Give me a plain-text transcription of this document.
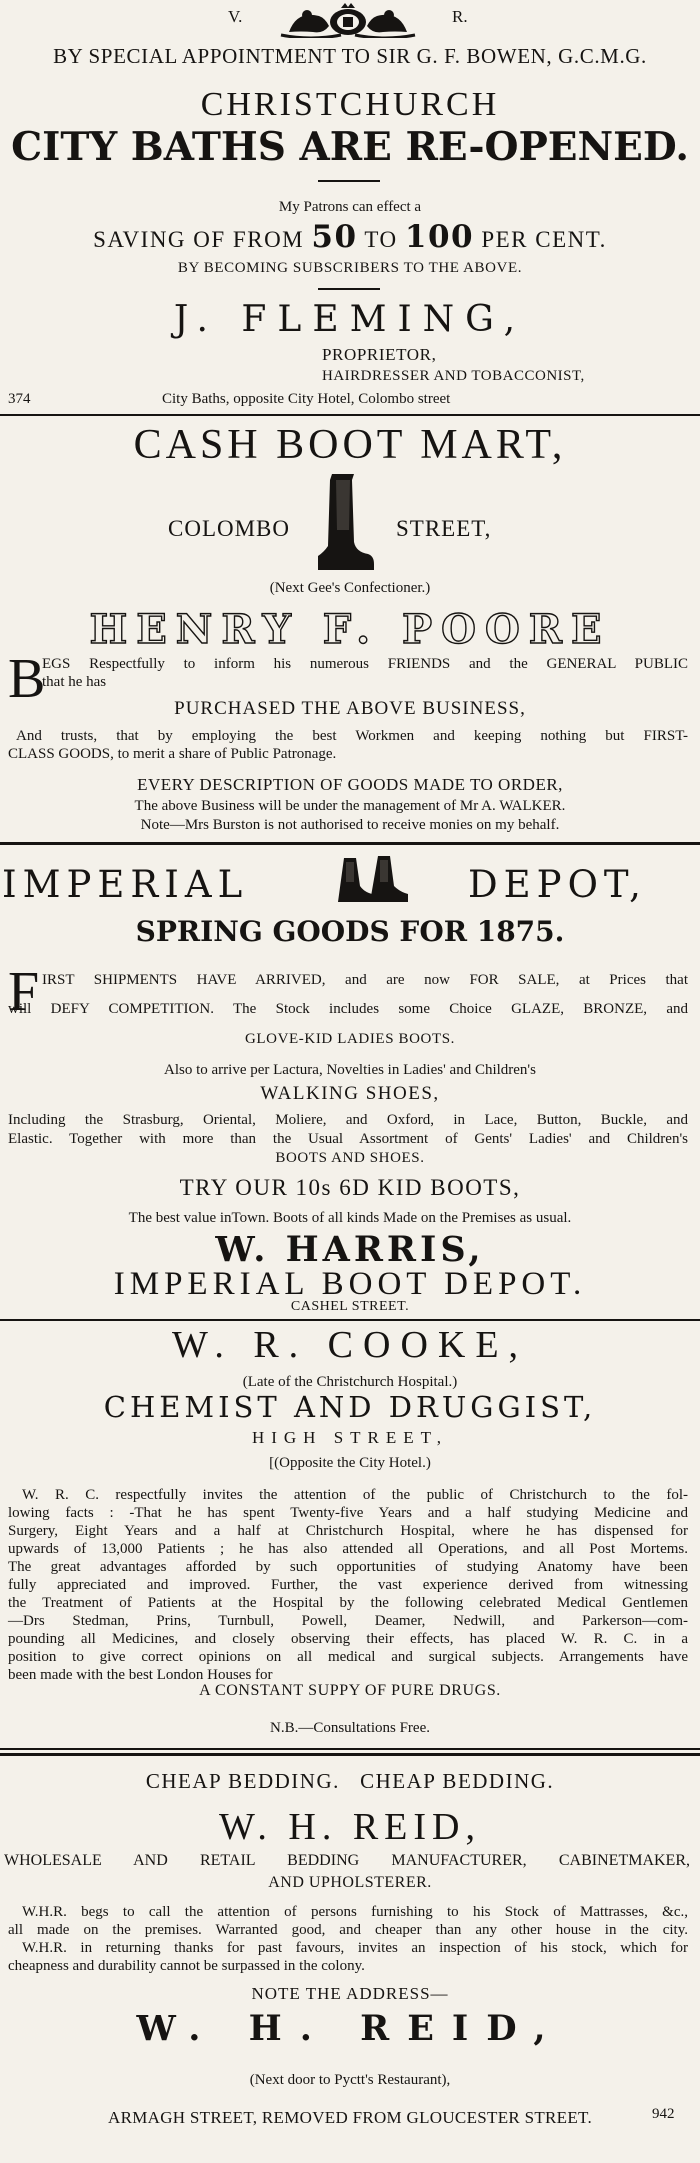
V.	R.
BY SPECIAL APPOINTMENT TO SIR G. F. BOWEN, G.C.M.G.
CHRISTCHURCH
CITY BATHS ARE RE-OPENED.
My Patrons can effect a
SAVING OF FROM 50 TO 100 PER CENT.
BY BECOMING SUBSCRIBERS TO THE ABOVE.
J. FLEMING,
PROPRIETOR,
HAIRDRESSER AND TOBACCONIST,
374	City Baths, opposite City Hotel, Colombo street
CASH BOOT MART,
COLOMBO	STREET,
(Next Gee's Confectioner.)
HENRY F. POORE
B
EGS Respectfully to inform his numerous FRIENDS and the GENERAL PUBLIC
that he has
PURCHASED THE ABOVE BUSINESS,
And trusts, that by employing the best Workmen and keeping nothing but FIRST-
CLASS GOODS, to merit a share of Public Patronage.
EVERY DESCRIPTION OF GOODS MADE TO ORDER,
The above Business will be under the management of Mr A. WALKER.
Note—Mrs Burston is not authorised to receive monies on my behalf.
IMPERIAL	DEPOT,
SPRING GOODS FOR 1875.
F IRST SHIPMENTS HAVE ARRIVED, and are now FOR SALE, at Prices that
will DEFY COMPETITION. The Stock includes some Choice GLAZE, BRONZE, and
GLOVE-KID LADIES BOOTS.
Also to arrive per Lactura, Novelties in Ladies' and Children's
WALKING SHOES,
Including the Strasburg, Oriental, Moliere, and Oxford, in Lace, Button, Buckle, and
Elastic. Together with more than the Usual Assortment of Gents' Ladies' and Children's
BOOTS AND SHOES.
TRY OUR 10s 6D KID BOOTS,
The best value inTown. Boots of all kinds Made on the Premises as usual.
W. HARRIS,
IMPERIAL BOOT DEPOT.
CASHEL STREET.
W. R. COOKE,
(Late of the Christchurch Hospital.)
CHEMIST AND DRUGGIST,
HIGH STREET,
[(Opposite the City Hotel.)
W. R. C. respectfully invites the attention of the public of Christchurch to the fol-
lowing facts : -That he has spent Twenty-five Years and a half studying Medicine and
Surgery, Eight Years and a half at Christchurch Hospital, where he has dispensed for
upwards of 13,000 Patients ; he has also attended all Operations, and all Post Mortems.
The great advantages afforded by such opportunities of studying Anatomy have been
fully appreciated and improved. Further, the vast experience derived from witnessing
the Treatment of Patients at the Hospital by the following celebrated Medical Gentlemen
—Drs Stedman, Prins, Turnbull, Powell, Deamer, Nedwill, and Parkerson—com-
pounding all Medicines, and closely observing their effects, has placed W. R. C. in a
position to give correct opinions on all medical and surgical subjects. Arrangements have
been made with the best London Houses for
A CONSTANT SUPPY OF PURE DRUGS.
N.B.—Consultations Free.
CHEAP BEDDING.   CHEAP BEDDING.
W. H. REID,
WHOLESALE AND RETAIL BEDDING MANUFACTURER, CABINETMAKER,
AND UPHOLSTERER.
W.H.R. begs to call the attention of persons furnishing to his Stock of Mattrasses, &c.,
all made on the premises. Warranted good, and cheaper than any other house in the city.
W.H.R. in returning thanks for past favours, invites an inspection of his stock, which for
cheapness and durability cannot be surpassed in the colony.
NOTE THE ADDRESS—
W. H. REID,
(Next door to Pyctt's Restaurant),
ARMAGH STREET, REMOVED FROM GLOUCESTER STREET.	942
